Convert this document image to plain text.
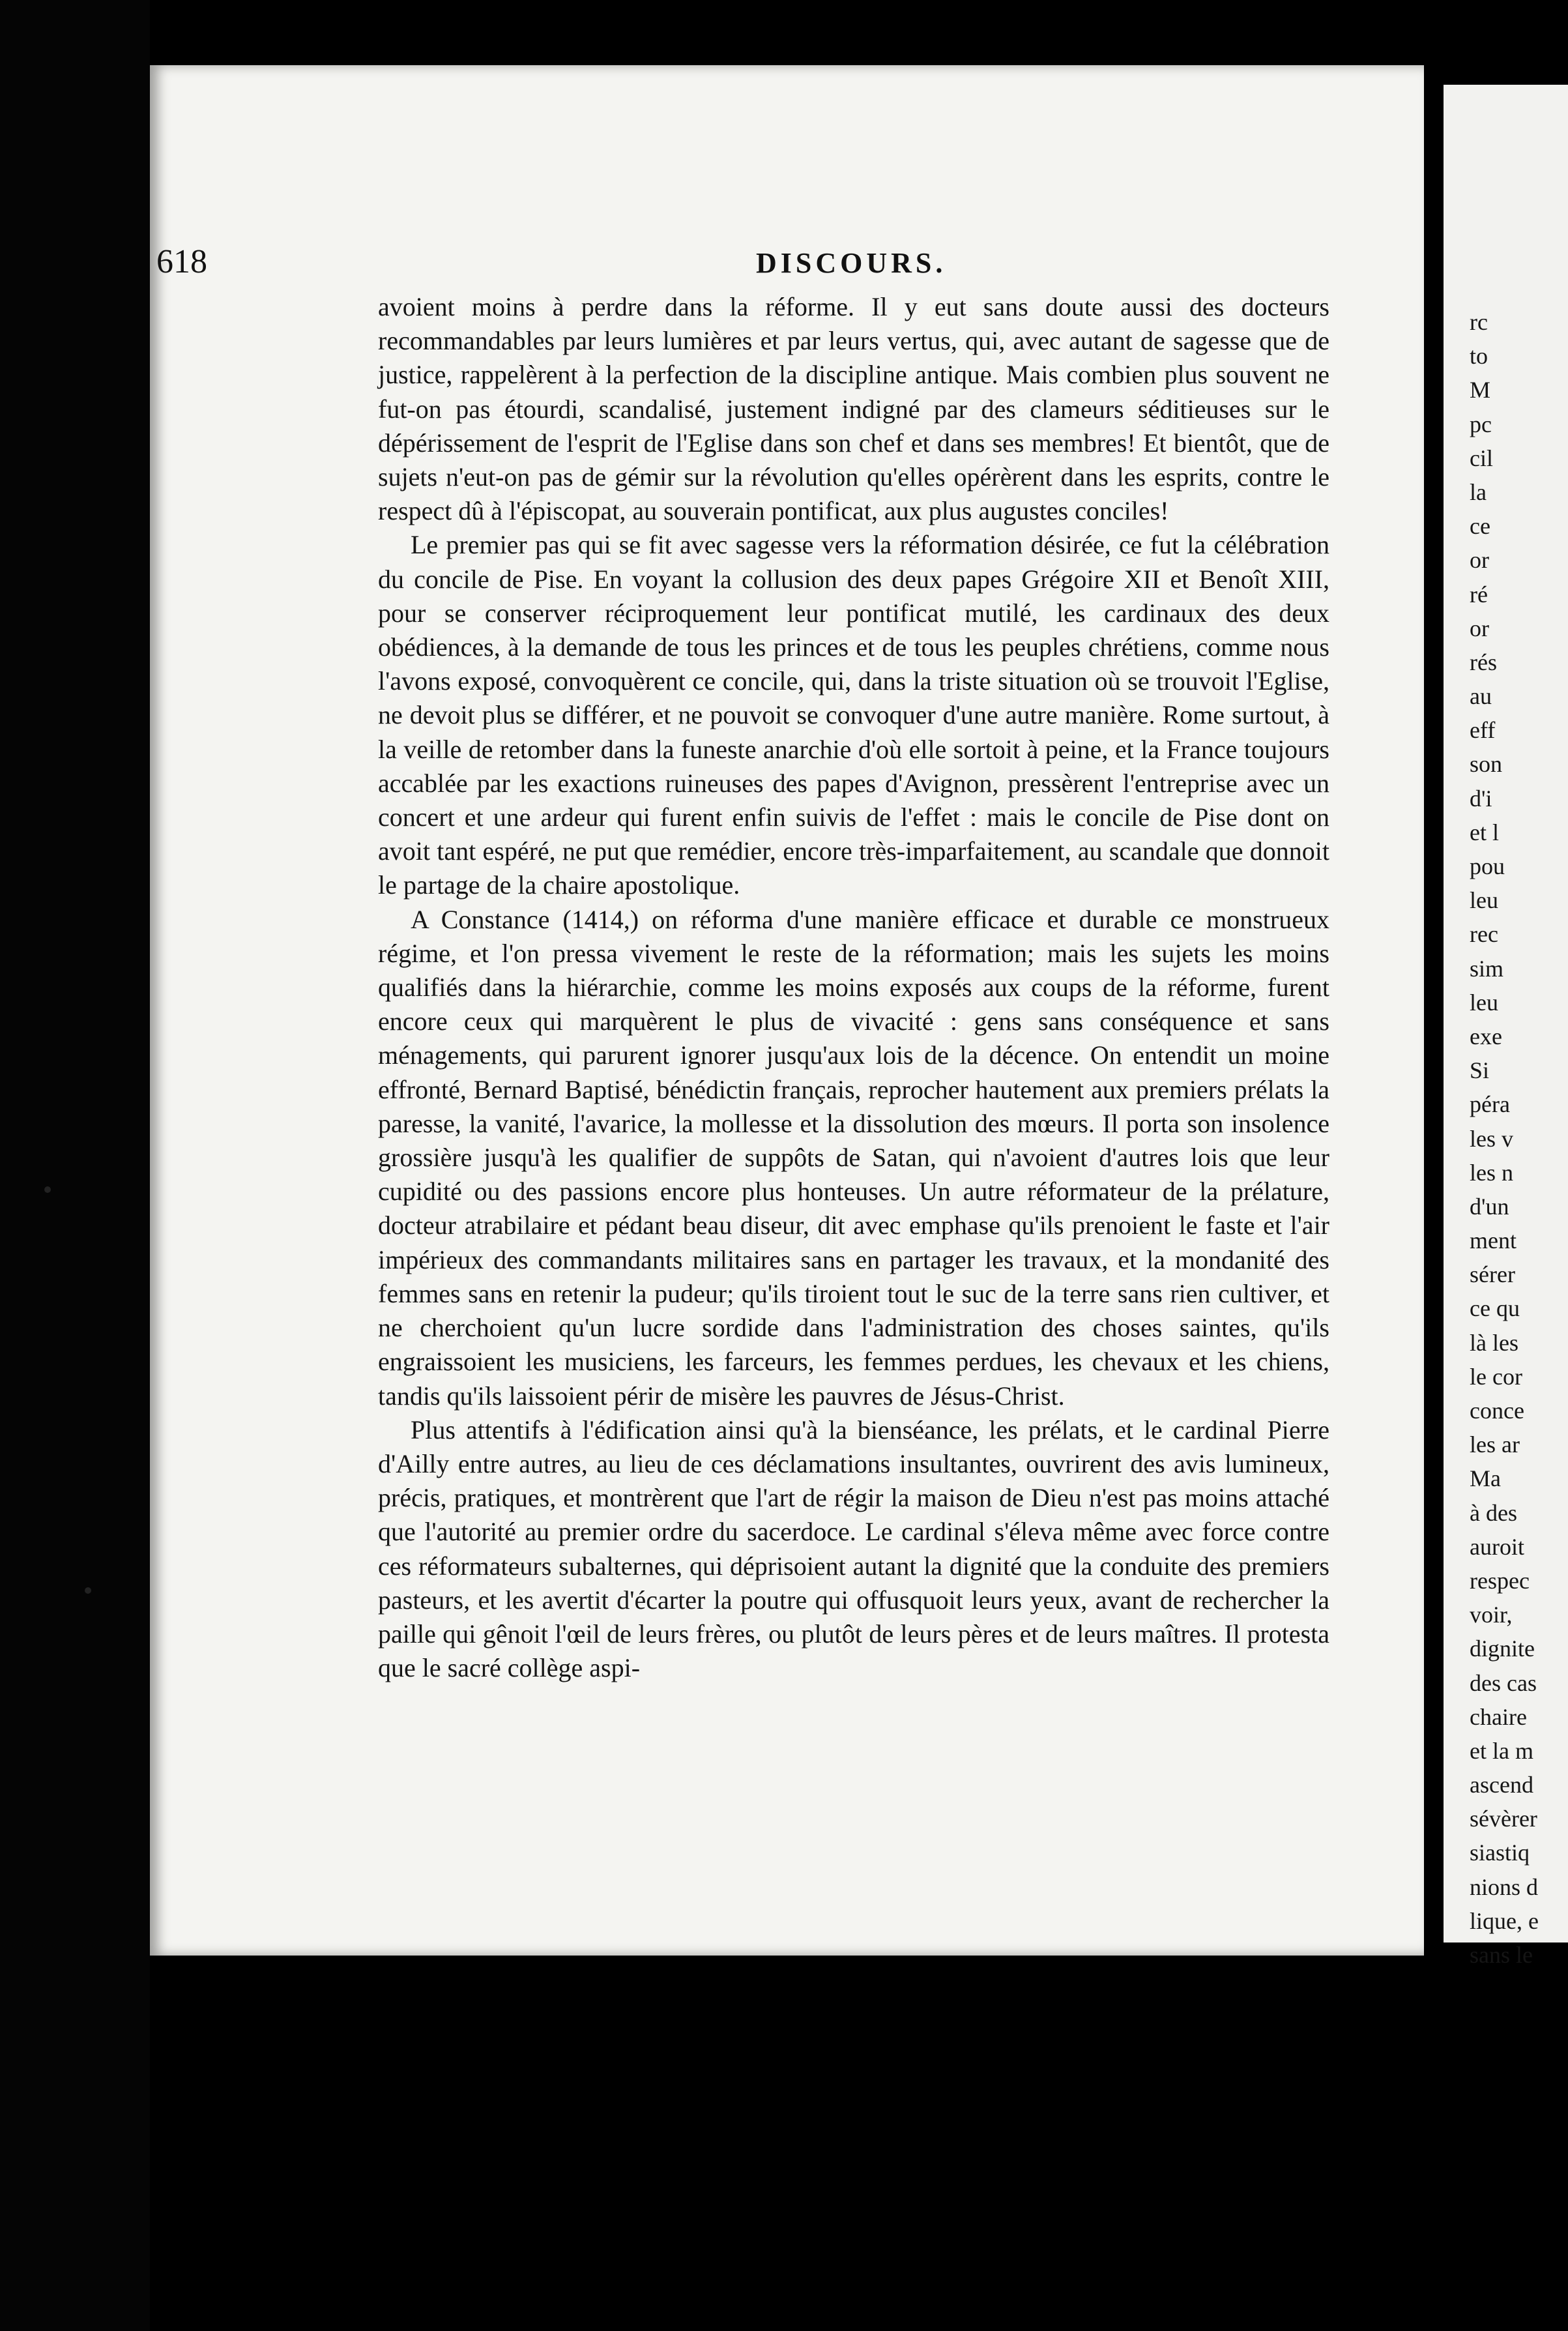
618	DISCOURS.

avoient moins à perdre dans la réforme. Il y eut sans doute aussi des docteurs recommandables par leurs lumières et par leurs vertus, qui, avec autant de sagesse que de justice, rappelèrent à la perfection de la discipline antique. Mais combien plus souvent ne fut-on pas étourdi, scandalisé, justement indigné par des clameurs séditieuses sur le dépérissement de l'esprit de l'Eglise dans son chef et dans ses membres! Et bientôt, que de sujets n'eut-on pas de gémir sur la révolution qu'elles opérèrent dans les esprits, contre le respect dû à l'épiscopat, au souverain pontificat, aux plus augustes conciles!

Le premier pas qui se fit avec sagesse vers la réformation désirée, ce fut la célébration du concile de Pise. En voyant la collusion des deux papes Grégoire XII et Benoît XIII, pour se conserver réciproquement leur pontificat mutilé, les cardinaux des deux obédiences, à la demande de tous les princes et de tous les peuples chrétiens, comme nous l'avons exposé, convoquèrent ce concile, qui, dans la triste situation où se trouvoit l'Eglise, ne devoit plus se différer, et ne pouvoit se convoquer d'une autre manière. Rome surtout, à la veille de retomber dans la funeste anarchie d'où elle sortoit à peine, et la France toujours accablée par les exactions ruineuses des papes d'Avignon, pressèrent l'entreprise avec un concert et une ardeur qui furent enfin suivis de l'effet : mais le concile de Pise dont on avoit tant espéré, ne put que remédier, encore très-imparfaitement, au scandale que donnoit le partage de la chaire apostolique.

A Constance (1414,) on réforma d'une manière efficace et durable ce monstrueux régime, et l'on pressa vivement le reste de la réformation; mais les sujets les moins qualifiés dans la hiérarchie, comme les moins exposés aux coups de la réforme, furent encore ceux qui marquèrent le plus de vivacité : gens sans conséquence et sans ménagements, qui parurent ignorer jusqu'aux lois de la décence. On entendit un moine effronté, Bernard Baptisé, bénédictin français, reprocher hautement aux premiers prélats la paresse, la vanité, l'avarice, la mollesse et la dissolution des mœurs. Il porta son insolence grossière jusqu'à les qualifier de suppôts de Satan, qui n'avoient d'autres lois que leur cupidité ou des passions encore plus honteuses. Un autre réformateur de la prélature, docteur atrabilaire et pédant beau diseur, dit avec emphase qu'ils prenoient le faste et l'air impérieux des commandants militaires sans en partager les travaux, et la mondanité des femmes sans en retenir la pudeur; qu'ils tiroient tout le suc de la terre sans rien cultiver, et ne cherchoient qu'un lucre sordide dans l'administration des choses saintes, qu'ils engraissoient les musiciens, les farceurs, les femmes perdues, les chevaux et les chiens, tandis qu'ils laissoient périr de misère les pauvres de Jésus-Christ.

Plus attentifs à l'édification ainsi qu'à la bienséance, les prélats, et le cardinal Pierre d'Ailly entre autres, au lieu de ces déclamations insultantes, ouvrirent des avis lumineux, précis, pratiques, et montrèrent que l'art de régir la maison de Dieu n'est pas moins attaché que l'autorité au premier ordre du sacerdoce. Le cardinal s'éleva même avec force contre ces réformateurs subalternes, qui déprisoient autant la dignité que la conduite des premiers pasteurs, et les avertit d'écarter la poutre qui offusquoit leurs yeux, avant de rechercher la paille qui gênoit l'œil de leurs frères, ou plutôt de leurs pères et de leurs maîtres. Il protesta que le sacré collège aspi-

rc
to
M
pc
cil
la
ce
or
ré
or
rés
au
eff
son
d'i
et l
pou
leu
rec
sim
leu
exe
Si
péra
les v
les n
d'un
ment
sérer
ce qu
là les
le cor
conce
les ar
Ma
à des
auroit
respec
voir,
dignite
des cas
chaire
et la m
ascend
sévèrer
siastiq
nions d
lique, e
sans le
